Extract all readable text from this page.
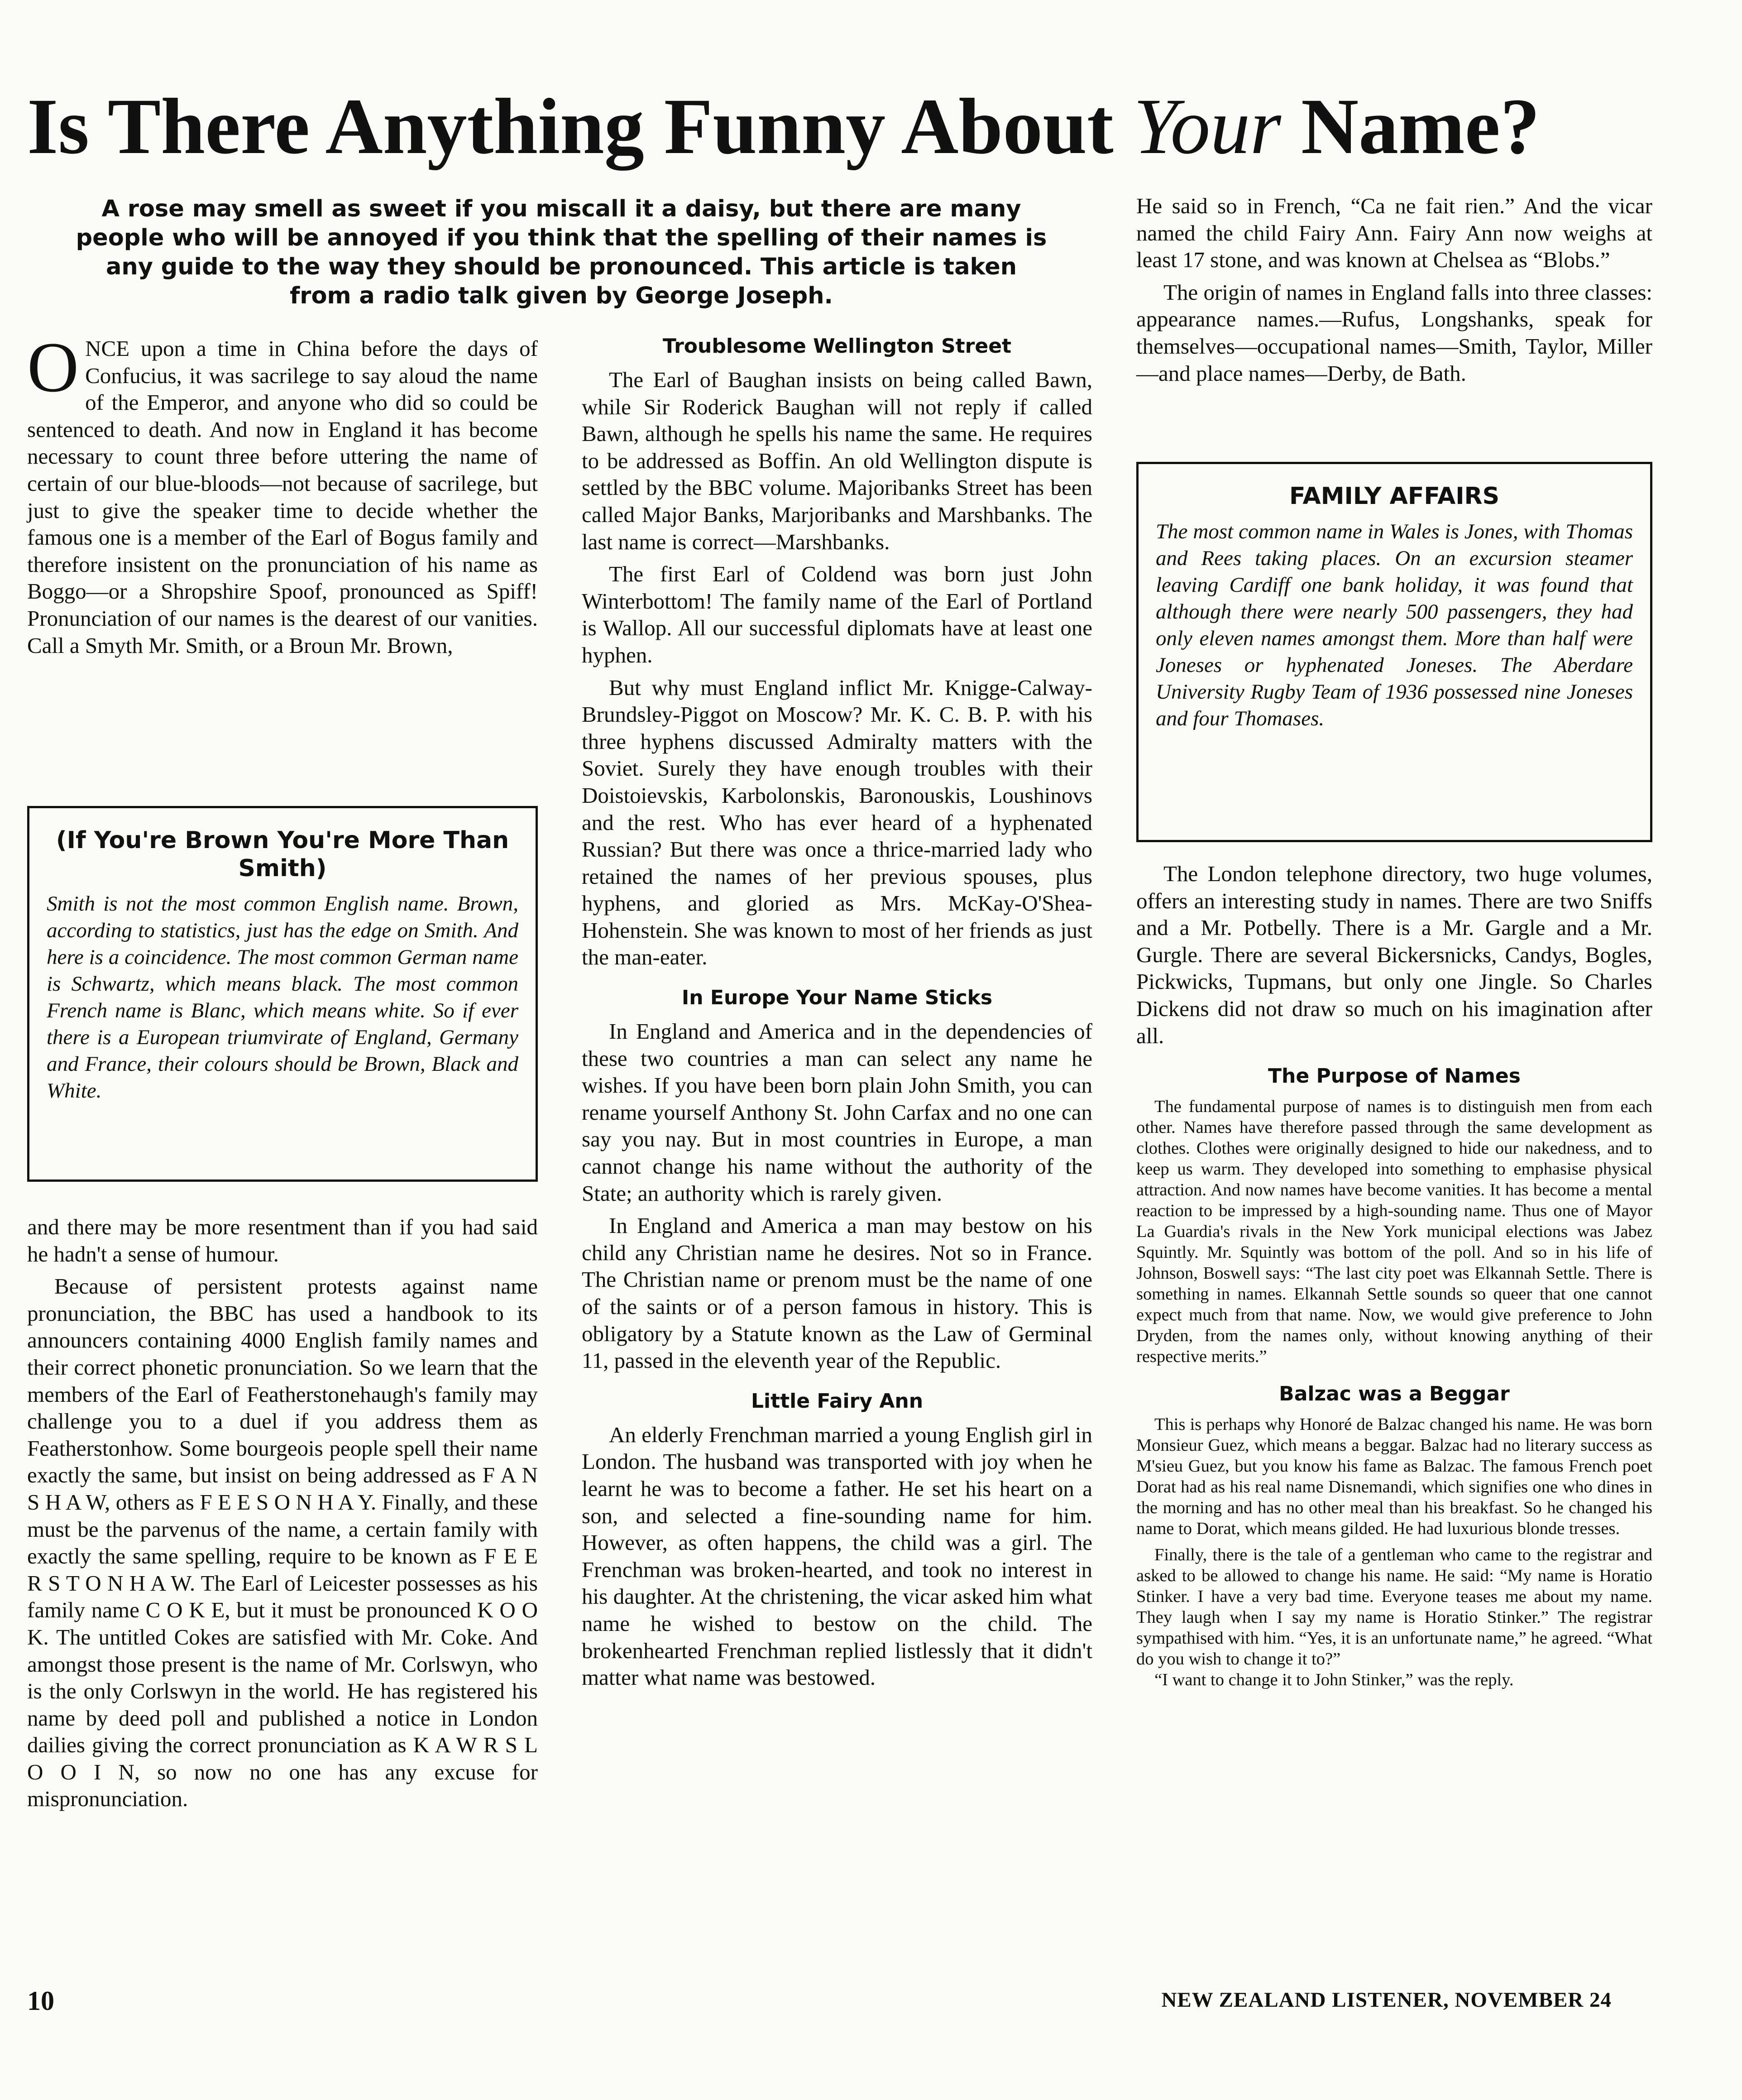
Is There Anything Funny About Your Name?
A rose may smell as sweet if you miscall it a daisy, but there are many people who will be annoyed if you think that the spelling of their names is any guide to the way they should be pronounced. This article is taken from a radio talk given by George Joseph.

ONCE upon a time in China before the days of Confucius, it was sacrilege to say aloud the name of the Emperor, and anyone who did so could be sentenced to death. And now in England it has become necessary to count three before uttering the name of certain of our blue-bloods—not because of sacrilege, but just to give the speaker time to decide whether the famous one is a member of the Earl of Bogus family and therefore insistent on the pronunciation of his name as Boggo—or a Shropshire Spoof, pronounced as Spiff! Pronunciation of our names is the dearest of our vanities. Call a Smyth Mr. Smith, or a Broun Mr. Brown,

(If You're Brown You're More Than Smith)
Smith is not the most common English name. Brown, according to statistics, just has the edge on Smith. And here is a coincidence. The most common German name is Schwartz, which means black. The most common French name is Blanc, which means white. So if ever there is a European triumvirate of England, Germany and France, their colours should be Brown, Black and White.

and there may be more resentment than if you had said he hadn't a sense of humour.

Because of persistent protests against name pronunciation, the BBC has used a handbook to its announcers containing 4000 English family names and their correct phonetic pronunciation. So we learn that the members of the Earl of Featherstonehaugh's family may challenge you to a duel if you address them as Featherstonhow. Some bourgeois people spell their name exactly the same, but insist on being addressed as F A N S H A W, others as F E E S O N H A Y. Finally, and these must be the parvenus of the name, a certain family with exactly the same spelling, require to be known as F E E R S T O N H A W. The Earl of Leicester possesses as his family name C O K E, but it must be pronounced K O O K. The untitled Cokes are satisfied with Mr. Coke. And amongst those present is the name of Mr. Corlswyn, who is the only Corlswyn in the world. He has registered his name by deed poll and published a notice in London dailies giving the correct pronunciation as K A W R S L O O I N, so now no one has any excuse for mispronunciation.

Troublesome Wellington Street

The Earl of Baughan insists on being called Bawn, while Sir Roderick Baughan will not reply if called Bawn, although he spells his name the same. He requires to be addressed as Boffin. An old Wellington dispute is settled by the BBC volume. Majoribanks Street has been called Major Banks, Marjoribanks and Marshbanks. The last name is correct—Marshbanks.

The first Earl of Coldend was born just John Winterbottom! The family name of the Earl of Portland is Wallop. All our successful diplomats have at least one hyphen.

But why must England inflict Mr. Knigge-Calway-Brundsley-Piggot on Moscow? Mr. K. C. B. P. with his three hyphens discussed Admiralty matters with the Soviet. Surely they have enough troubles with their Doistoievskis, Karbolonskis, Baronouskis, Loushinovs and the rest. Who has ever heard of a hyphenated Russian? But there was once a thrice-married lady who retained the names of her previous spouses, plus hyphens, and gloried as Mrs. McKay-O'Shea-Hohenstein. She was known to most of her friends as just the man-eater.

In Europe Your Name Sticks

In England and America and in the dependencies of these two countries a man can select any name he wishes. If you have been born plain John Smith, you can rename yourself Anthony St. John Carfax and no one can say you nay. But in most countries in Europe, a man cannot change his name without the authority of the State; an authority which is rarely given.

In England and America a man may bestow on his child any Christian name he desires. Not so in France. The Christian name or prenom must be the name of one of the saints or of a person famous in history. This is obligatory by a Statute known as the Law of Germinal 11, passed in the eleventh year of the Republic.

Little Fairy Ann

An elderly Frenchman married a young English girl in London. The husband was transported with joy when he learnt he was to become a father. He set his heart on a son, and selected a fine-sounding name for him. However, as often happens, the child was a girl. The Frenchman was broken-hearted, and took no interest in his daughter. At the christening, the vicar asked him what name he wished to bestow on the child. The brokenhearted Frenchman replied listlessly that it didn't matter what name was bestowed.

He said so in French, “Ca ne fait rien.” And the vicar named the child Fairy Ann. Fairy Ann now weighs at least 17 stone, and was known at Chelsea as “Blobs.”

The origin of names in England falls into three classes: appearance names.—Rufus, Longshanks, speak for themselves—occupational names—Smith, Taylor, Miller—and place names—Derby, de Bath.

FAMILY AFFAIRS
The most common name in Wales is Jones, with Thomas and Rees taking places. On an excursion steamer leaving Cardiff one bank holiday, it was found that although there were nearly 500 passengers, they had only eleven names amongst them. More than half were Joneses or hyphenated Joneses. The Aberdare University Rugby Team of 1936 possessed nine Joneses and four Thomases.

The London telephone directory, two huge volumes, offers an interesting study in names. There are two Sniffs and a Mr. Potbelly. There is a Mr. Gargle and a Mr. Gurgle. There are several Bickersnicks, Candys, Bogles, Pickwicks, Tupmans, but only one Jingle. So Charles Dickens did not draw so much on his imagination after all.

The Purpose of Names

The fundamental purpose of names is to distinguish men from each other. Names have therefore passed through the same development as clothes. Clothes were originally designed to hide our nakedness, and to keep us warm. They developed into something to emphasise physical attraction. And now names have become vanities. It has become a mental reaction to be impressed by a high-sounding name. Thus one of Mayor La Guardia's rivals in the New York municipal elections was Jabez Squintly. Mr. Squintly was bottom of the poll. And so in his life of Johnson, Boswell says: “The last city poet was Elkannah Settle. There is something in names. Elkannah Settle sounds so queer that one cannot expect much from that name. Now, we would give preference to John Dryden, from the names only, without knowing anything of their respective merits.”

Balzac was a Beggar

This is perhaps why Honoré de Balzac changed his name. He was born Monsieur Guez, which means a beggar. Balzac had no literary success as M'sieu Guez, but you know his fame as Balzac. The famous French poet Dorat had as his real name Disnemandi, which signifies one who dines in the morning and has no other meal than his breakfast. So he changed his name to Dorat, which means gilded. He had luxurious blonde tresses.

Finally, there is the tale of a gentleman who came to the registrar and asked to be allowed to change his name. He said: “My name is Horatio Stinker. I have a very bad time. Everyone teases me about my name. They laugh when I say my name is Horatio Stinker.” The registrar sympathised with him. “Yes, it is an unfortunate name,” he agreed. “What do you wish to change it to?”

“I want to change it to John Stinker,” was the reply.

10	NEW ZEALAND LISTENER, NOVEMBER 24
